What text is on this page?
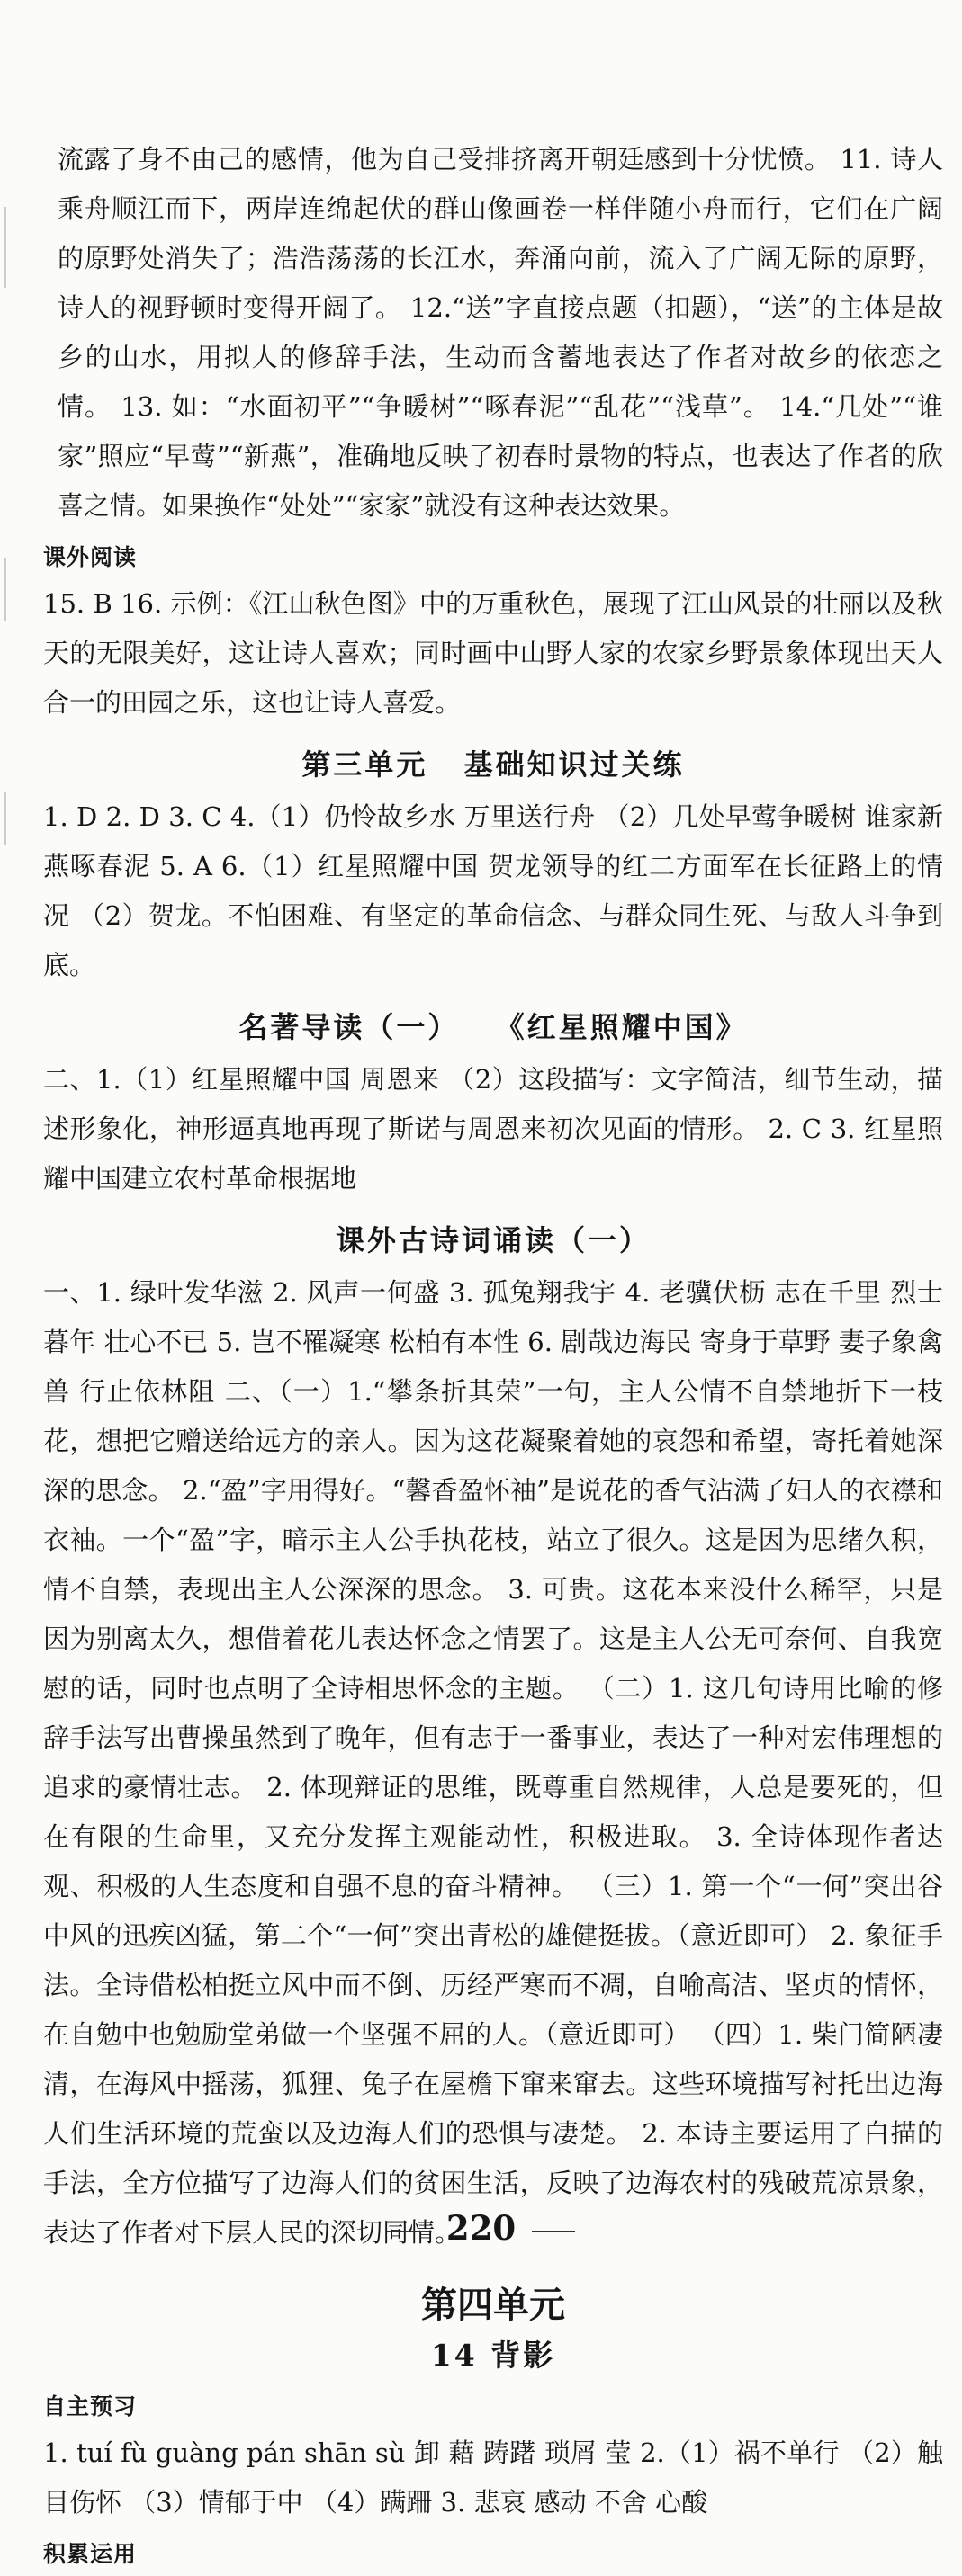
流露了身不由己的感情，他为自己受排挤离开朝廷感到十分忧愤。 11. 诗人乘舟顺江而下，两岸连绵起伏的群山像画卷一样伴随小舟而行，它们在广阔的原野处消失了；浩浩荡荡的长江水，奔涌向前，流入了广阔无际的原野，诗人的视野顿时变得开阔了。 12.“送”字直接点题（扣题），“送”的主体是故乡的山水，用拟人的修辞手法，生动而含蓄地表达了作者对故乡的依恋之情。 13. 如：“水面初平”“争暖树”“啄春泥”“乱花”“浅草”。 14.“几处”“谁家”照应“早莺”“新燕”，准确地反映了初春时景物的特点，也表达了作者的欣喜之情。如果换作“处处”“家家”就没有这种表达效果。

课外阅读

15. B 16. 示例：《江山秋色图》中的万重秋色，展现了江山风景的壮丽以及秋天的无限美好，这让诗人喜欢；同时画中山野人家的农家乡野景象体现出天人合一的田园之乐，这也让诗人喜爱。

第三单元 基础知识过关练

1. D 2. D 3. C 4.（1）仍怜故乡水 万里送行舟 （2）几处早莺争暖树 谁家新燕啄春泥 5. A 6.（1）红星照耀中国 贺龙领导的红二方面军在长征路上的情况 （2）贺龙。不怕困难、有坚定的革命信念、与群众同生死、与敌人斗争到底。

名著导读（一） 《红星照耀中国》

二、1.（1）红星照耀中国 周恩来 （2）这段描写：文字简洁，细节生动，描述形象化，神形逼真地再现了斯诺与周恩来初次见面的情形。 2. C 3. 红星照耀中国建立农村革命根据地

课外古诗词诵读（一）

一、1. 绿叶发华滋 2. 风声一何盛 3. 孤兔翔我宇 4. 老骥伏枥 志在千里 烈士暮年 壮心不已 5. 岂不罹凝寒 松柏有本性 6. 剧哉边海民 寄身于草野 妻子象禽兽 行止依林阻 二、（一）1.“攀条折其荣”一句，主人公情不自禁地折下一枝花，想把它赠送给远方的亲人。因为这花凝聚着她的哀怨和希望，寄托着她深深的思念。 2.“盈”字用得好。“馨香盈怀袖”是说花的香气沾满了妇人的衣襟和衣袖。一个“盈”字，暗示主人公手执花枝，站立了很久。这是因为思绪久积，情不自禁，表现出主人公深深的思念。 3. 可贵。这花本来没什么稀罕，只是因为别离太久，想借着花儿表达怀念之情罢了。这是主人公无可奈何、自我宽慰的话，同时也点明了全诗相思怀念的主题。 （二）1. 这几句诗用比喻的修辞手法写出曹操虽然到了晚年，但有志于一番事业，表达了一种对宏伟理想的追求的豪情壮志。 2. 体现辩证的思维，既尊重自然规律，人总是要死的，但在有限的生命里，又充分发挥主观能动性，积极进取。 3. 全诗体现作者达观、积极的人生态度和自强不息的奋斗精神。 （三）1. 第一个“一何”突出谷中风的迅疾凶猛，第二个“一何”突出青松的雄健挺拔。（意近即可） 2. 象征手法。全诗借松柏挺立风中而不倒、历经严寒而不凋，自喻高洁、坚贞的情怀，在自勉中也勉励堂弟做一个坚强不屈的人。（意近即可） （四）1. 柴门简陋凄清，在海风中摇荡，狐狸、兔子在屋檐下窜来窜去。这些环境描写衬托出边海人们生活环境的荒蛮以及边海人们的恐惧与凄楚。 2. 本诗主要运用了白描的手法，全方位描写了边海人们的贫困生活，反映了边海农村的残破荒凉景象，表达了作者对下层人民的深切同情。

第四单元
14 背影
自主预习

1. tuí fù guàng pán shān sù 卸 藉 踌躇 琐屑 莹 2.（1）祸不单行 （2）触目伤怀 （3）情郁于中 （4）蹒跚 3. 悲哀 感动 不舍 心酸

积累运用
220
